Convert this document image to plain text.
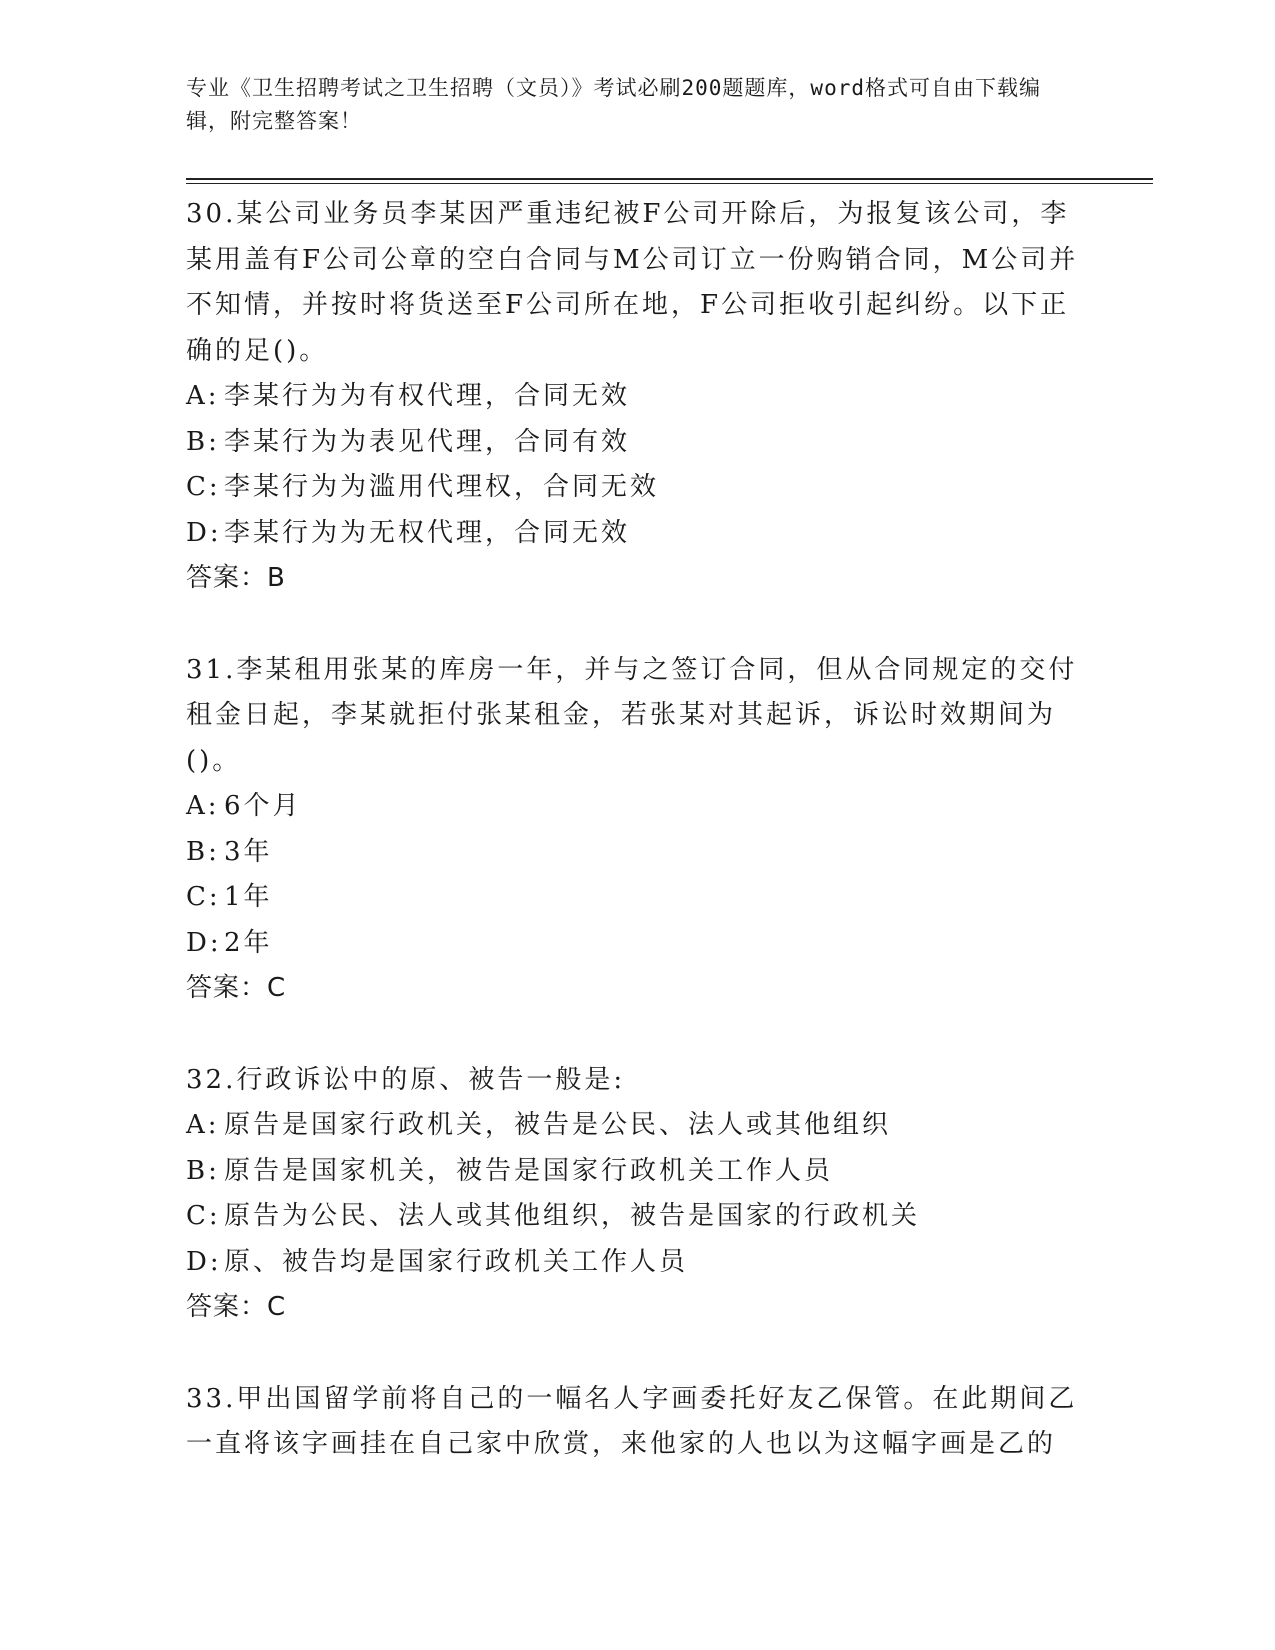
专业《卫生招聘考试之卫生招聘（文员）》考试必刷200题题库，word格式可自由下载编辑，附完整答案！
30.某公司业务员李某因严重违纪被F公司开除后，为报复该公司，李某用盖有F公司公章的空白合同与M公司订立一份购销合同，M公司并不知情，并按时将货送至F公司所在地，F公司拒收引起纠纷。以下正确的足()。
A: 李某行为为有权代理，合同无效
B: 李某行为为表见代理，合同有效
C: 李某行为为滥用代理权，合同无效
D:李某行为为无权代理，合同无效
答案：B
31.李某租用张某的库房一年，并与之签订合同，但从合同规定的交付租金日起，李某就拒付张某租金，若张某对其起诉，诉讼时效期间为()。
A: 6个月
B: 3年
C: 1年
D:2年
答案：C
32.行政诉讼中的原、被告一般是:
A: 原告是国家行政机关，被告是公民、法人或其他组织
B: 原告是国家机关，被告是国家行政机关工作人员
C: 原告为公民、法人或其他组织，被告是国家的行政机关
D:原、被告均是国家行政机关工作人员
答案：C
33.甲出国留学前将自己的一幅名人字画委托好友乙保管。在此期间乙一直将该字画挂在自己家中欣赏，来他家的人也以为这幅字画是乙的
